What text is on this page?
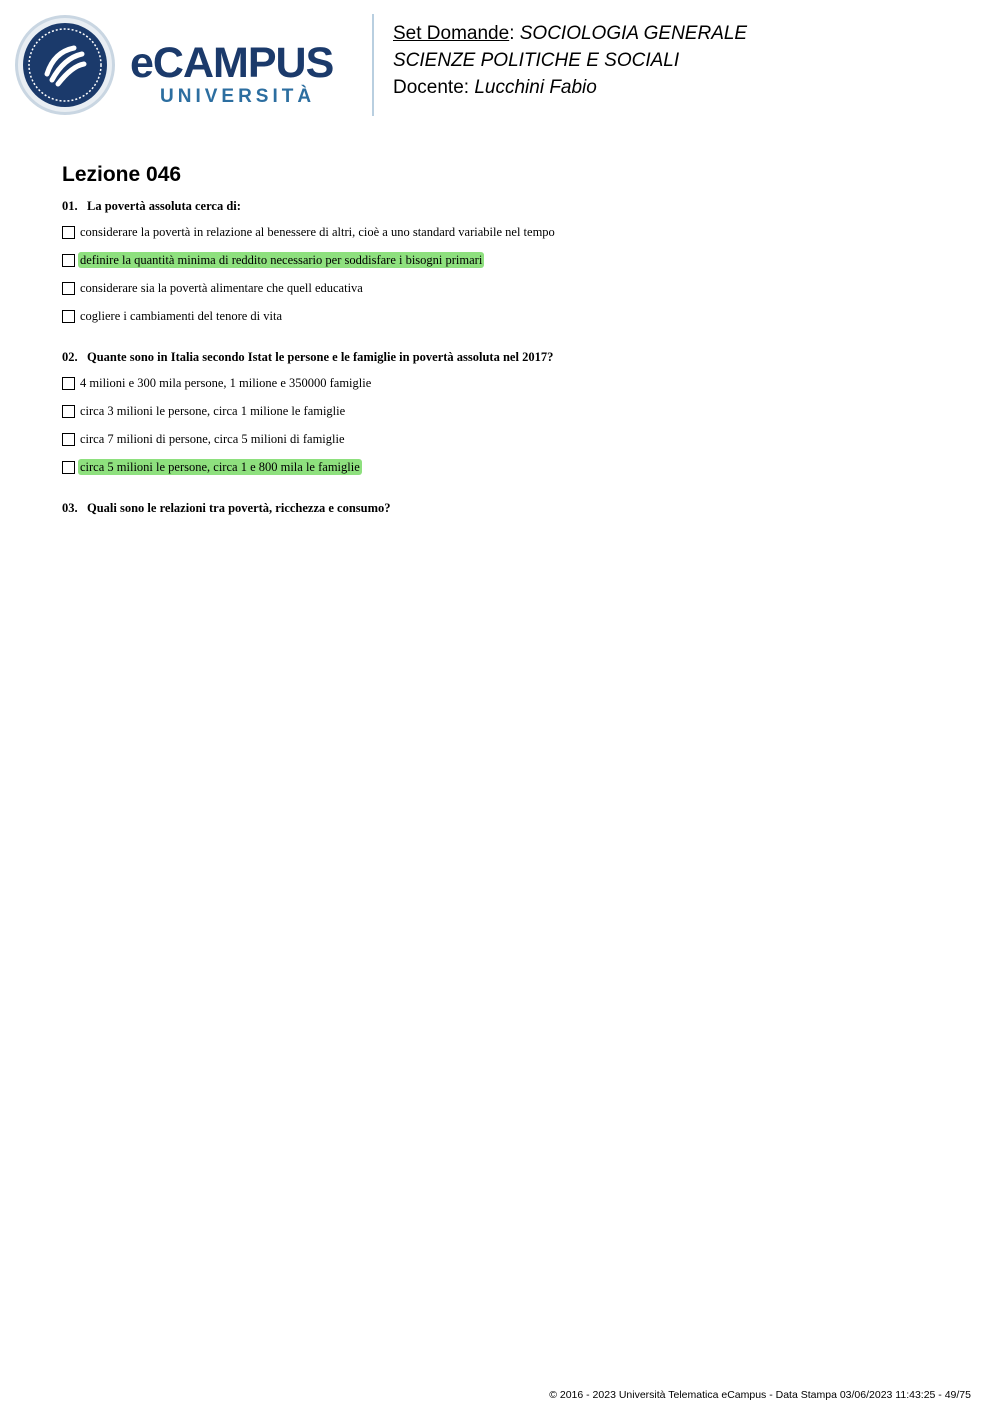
eCAMPUS
UNIVERSITÀ
Set Domande: SOCIOLOGIA GENERALE
SCIENZE POLITICHE E SOCIALI
Docente: Lucchini Fabio
Lezione 046
01. La povertà assoluta cerca di:
considerare la povertà in relazione al benessere di altri, cioè a uno standard variabile nel tempo
definire la quantità minima di reddito necessario per soddisfare i bisogni primari
considerare sia la povertà alimentare che quell educativa
cogliere i cambiamenti del tenore di vita
02. Quante sono in Italia secondo Istat le persone e le famiglie in povertà assoluta nel 2017?
4 milioni e 300 mila persone, 1 milione e 350000 famiglie
circa 3 milioni le persone, circa 1 milione le famiglie
circa 7 milioni di persone, circa 5 milioni di famiglie
circa 5 milioni le persone, circa 1 e 800 mila le famiglie
03. Quali sono le relazioni tra povertà, ricchezza e consumo?
© 2016 - 2023 Università Telematica eCampus - Data Stampa 03/06/2023 11:43:25 - 49/75
